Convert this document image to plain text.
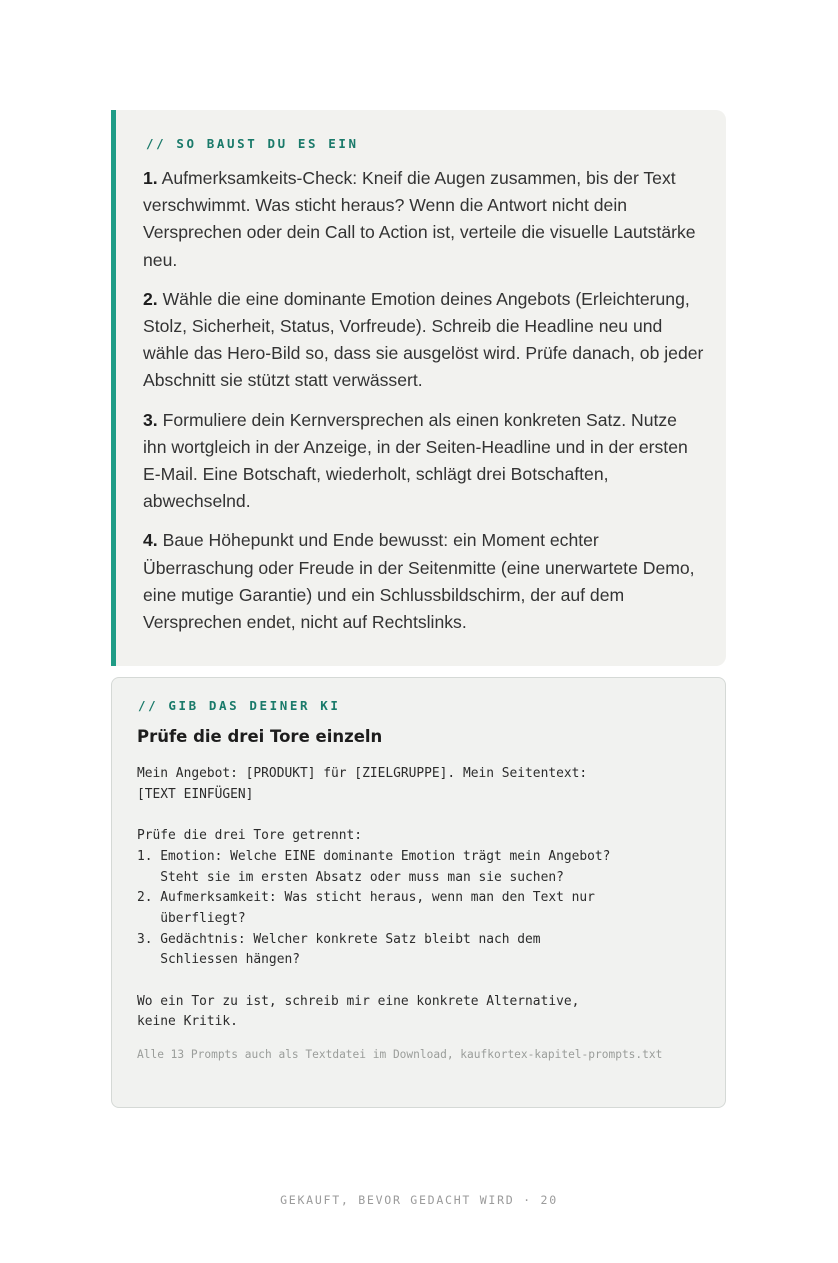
// SO BAUST DU ES EIN

1. Aufmerksamkeits-Check: Kneif die Augen zusammen, bis der Text verschwimmt. Was sticht heraus? Wenn die Antwort nicht dein Versprechen oder dein Call to Action ist, verteile die visuelle Lautstärke neu.

2. Wähle die eine dominante Emotion deines Angebots (Erleichterung, Stolz, Sicherheit, Status, Vorfreude). Schreib die Headline neu und wähle das Hero-Bild so, dass sie ausgelöst wird. Prüfe danach, ob jeder Abschnitt sie stützt statt verwässert.

3. Formuliere dein Kernversprechen als einen konkreten Satz. Nutze ihn wortgleich in der Anzeige, in der Seiten-Headline und in der ersten E-Mail. Eine Botschaft, wiederholt, schlägt drei Botschaften, abwechselnd.

4. Baue Höhepunkt und Ende bewusst: ein Moment echter Überraschung oder Freude in der Seitenmitte (eine unerwartete Demo, eine mutige Garantie) und ein Schlussbildschirm, der auf dem Versprechen endet, nicht auf Rechtslinks.

// GIB DAS DEINER KI
Prüfe die drei Tore einzeln
Mein Angebot: [PRODUKT] für [ZIELGRUPPE]. Mein Seitentext:
[TEXT EINFÜGEN]

Prüfe die drei Tore getrennt:
1. Emotion: Welche EINE dominante Emotion trägt mein Angebot?
Steht sie im ersten Absatz oder muss man sie suchen?
2. Aufmerksamkeit: Was sticht heraus, wenn man den Text nur
überfliegt?
3. Gedächtnis: Welcher konkrete Satz bleibt nach dem
Schliessen hängen?

Wo ein Tor zu ist, schreib mir eine konkrete Alternative,
keine Kritik.
Alle 13 Prompts auch als Textdatei im Download, kaufkortex-kapitel-prompts.txt
GEKAUFT, BEVOR GEDACHT WIRD · 20
